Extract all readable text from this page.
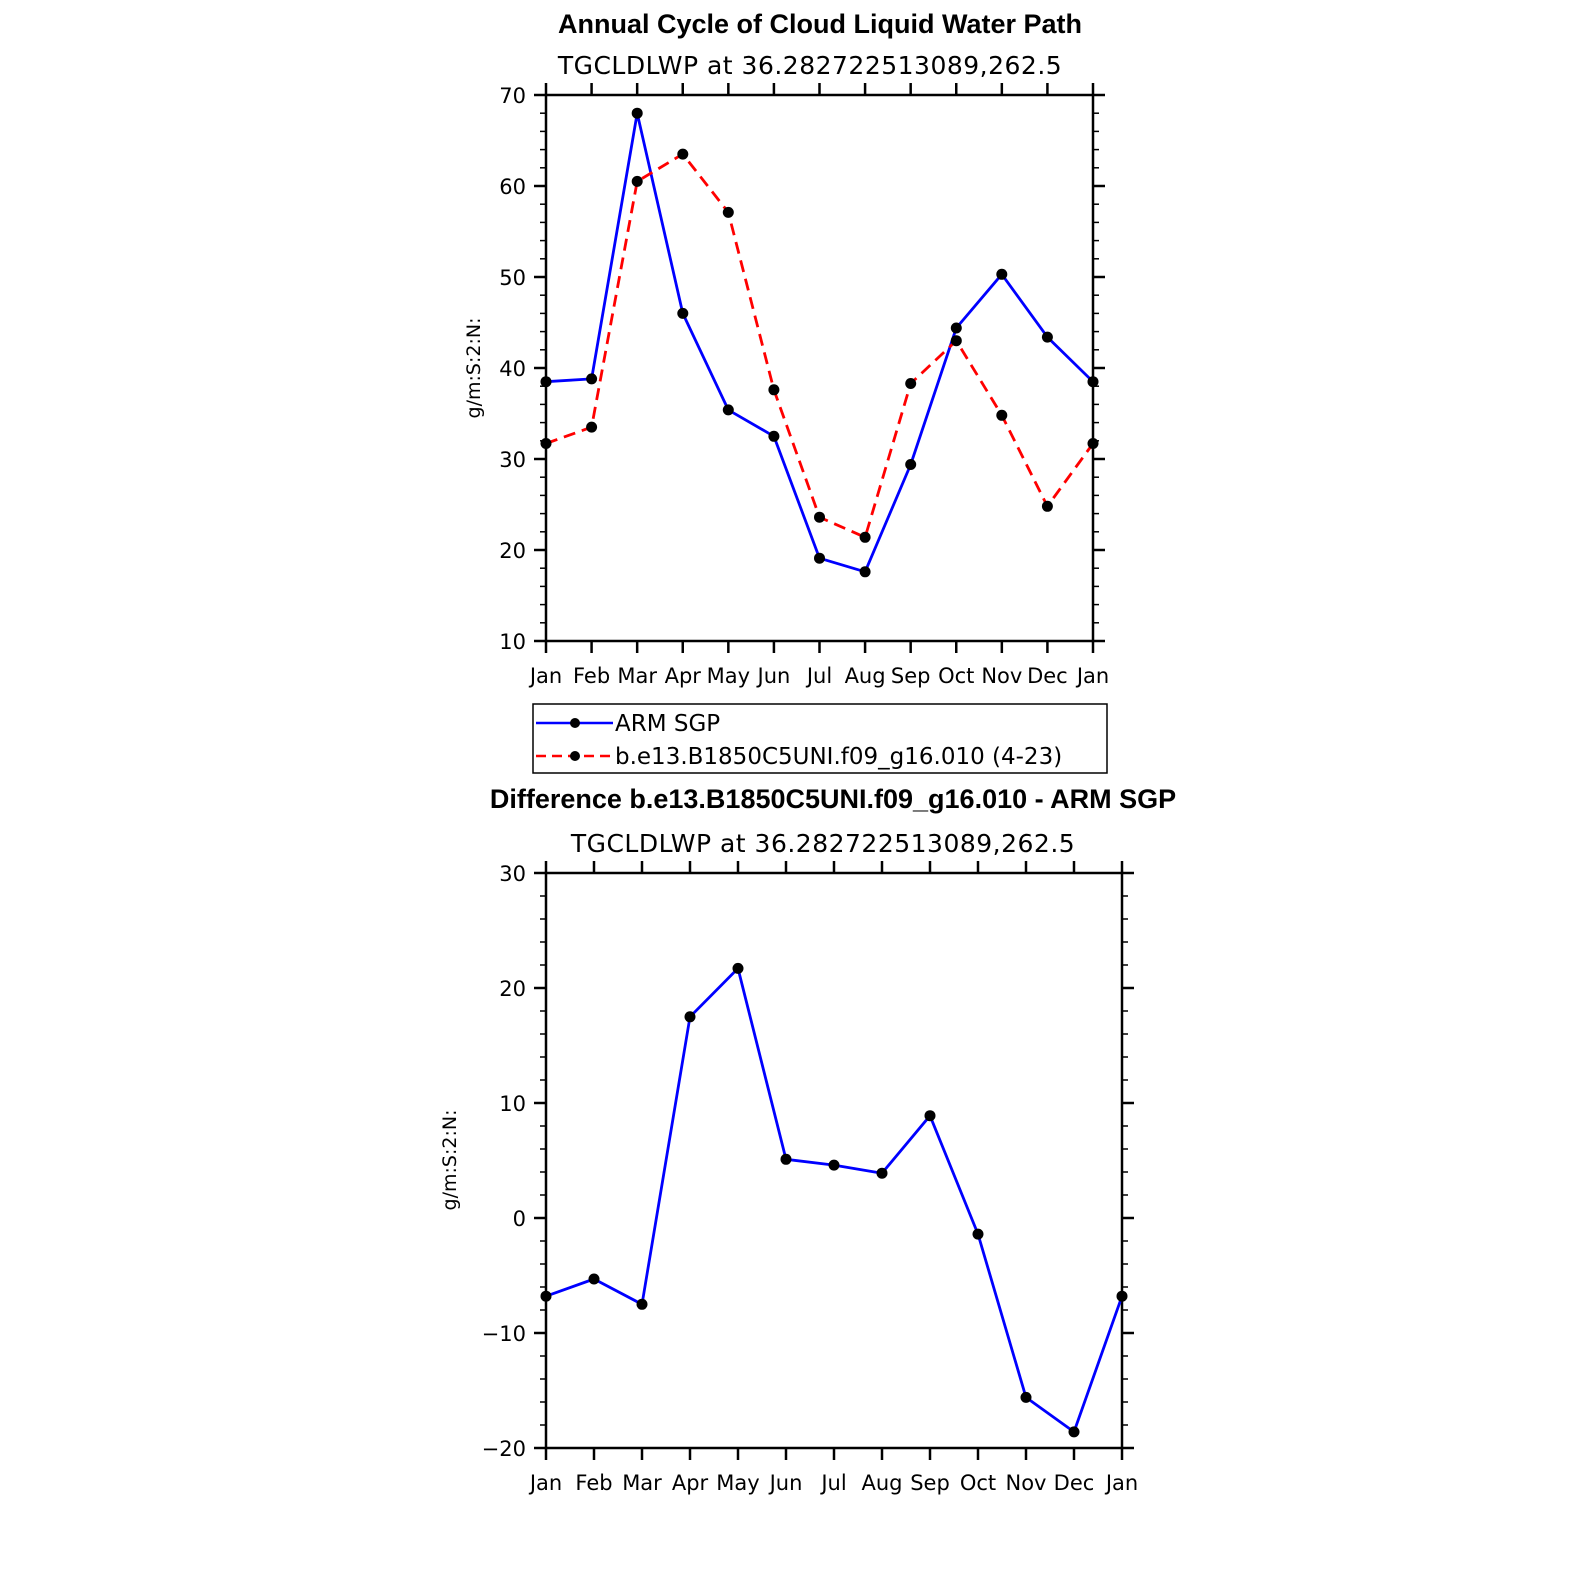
Annual Cycle of Cloud Liquid Water Path
TGCLDLWP at 36.282722513089,262.5
g/m:S:2:N:
10
20
30
40
50
60
70
Jan Feb Mar Apr May Jun Jul Aug Sep Oct Nov Dec Jan
ARM SGP
b.e13.B1850C5UNI.f09_g16.010 (4-23)
Difference b.e13.B1850C5UNI.f09_g16.010 - ARM SGP
TGCLDLWP at 36.282722513089,262.5
g/m:S:2:N:
−20
−10
0
10
20
30
Jan Feb Mar Apr May Jun Jul Aug Sep Oct Nov Dec Jan
